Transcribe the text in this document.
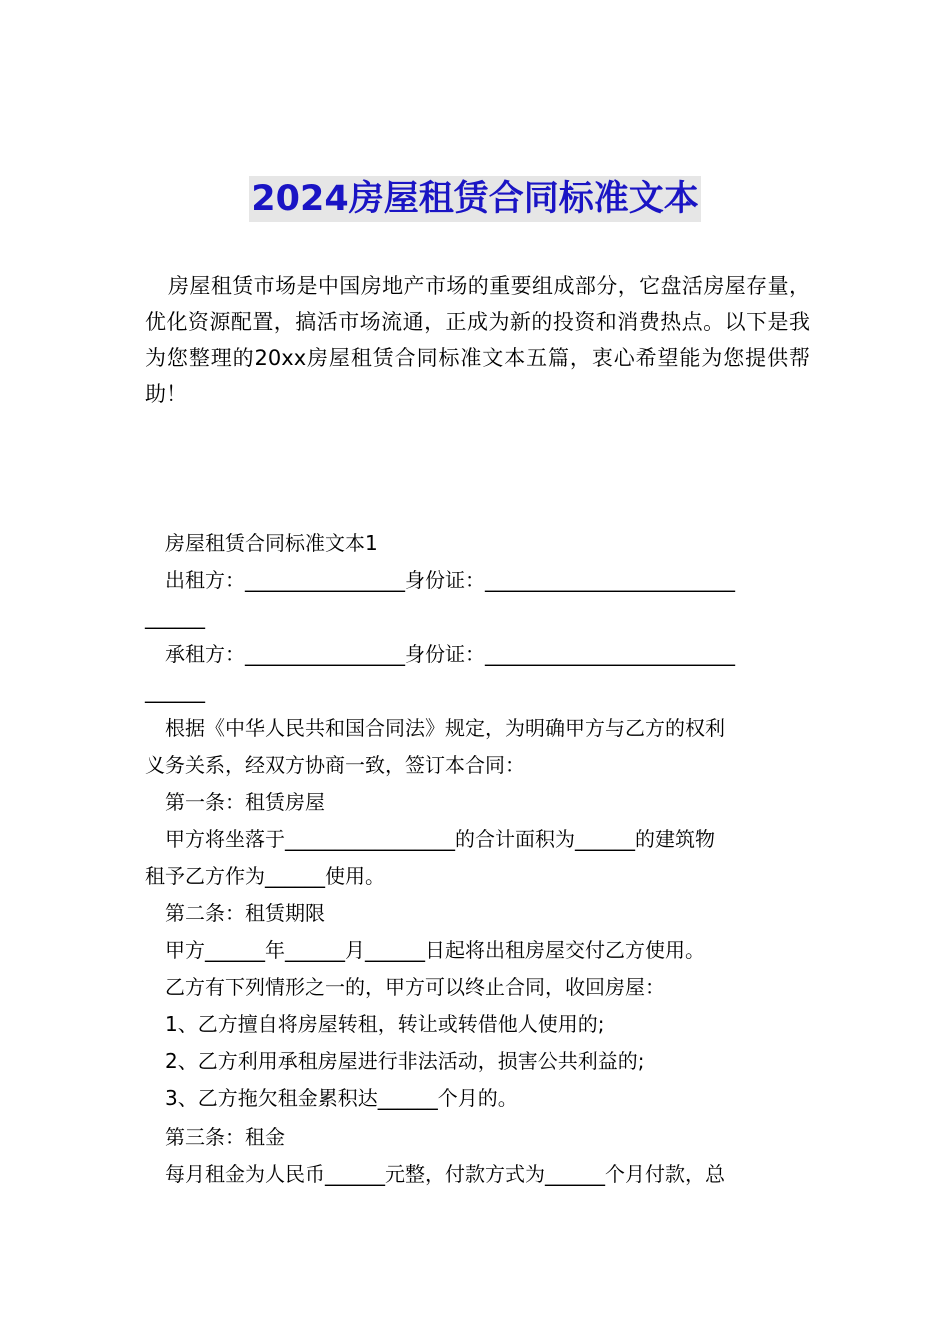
2024房屋租赁合同标准文本
房屋租赁市场是中国房地产市场的重要组成部分，它盘活房屋存量，优化资源配置，搞活市场流通，正成为新的投资和消费热点。以下是我为您整理的20xx房屋租赁合同标准文本五篇，衷心希望能为您提供帮助！
房屋租赁合同标准文本1
出租方：________________身份证：_________________________
______
承租方：________________身份证：_________________________
______
根据《中华人民共和国合同法》规定，为明确甲方与乙方的权利
义务关系，经双方协商一致，签订本合同：
第一条：租赁房屋
甲方将坐落于_________________的合计面积为______的建筑物
租予乙方作为______使用。
第二条：租赁期限
甲方______年______月______日起将出租房屋交付乙方使用。
乙方有下列情形之一的，甲方可以终止合同，收回房屋：
1、乙方擅自将房屋转租，转让或转借他人使用的;
2、乙方利用承租房屋进行非法活动，损害公共利益的;
3、乙方拖欠租金累积达______个月的。
第三条：租金
每月租金为人民币______元整，付款方式为______个月付款，总
